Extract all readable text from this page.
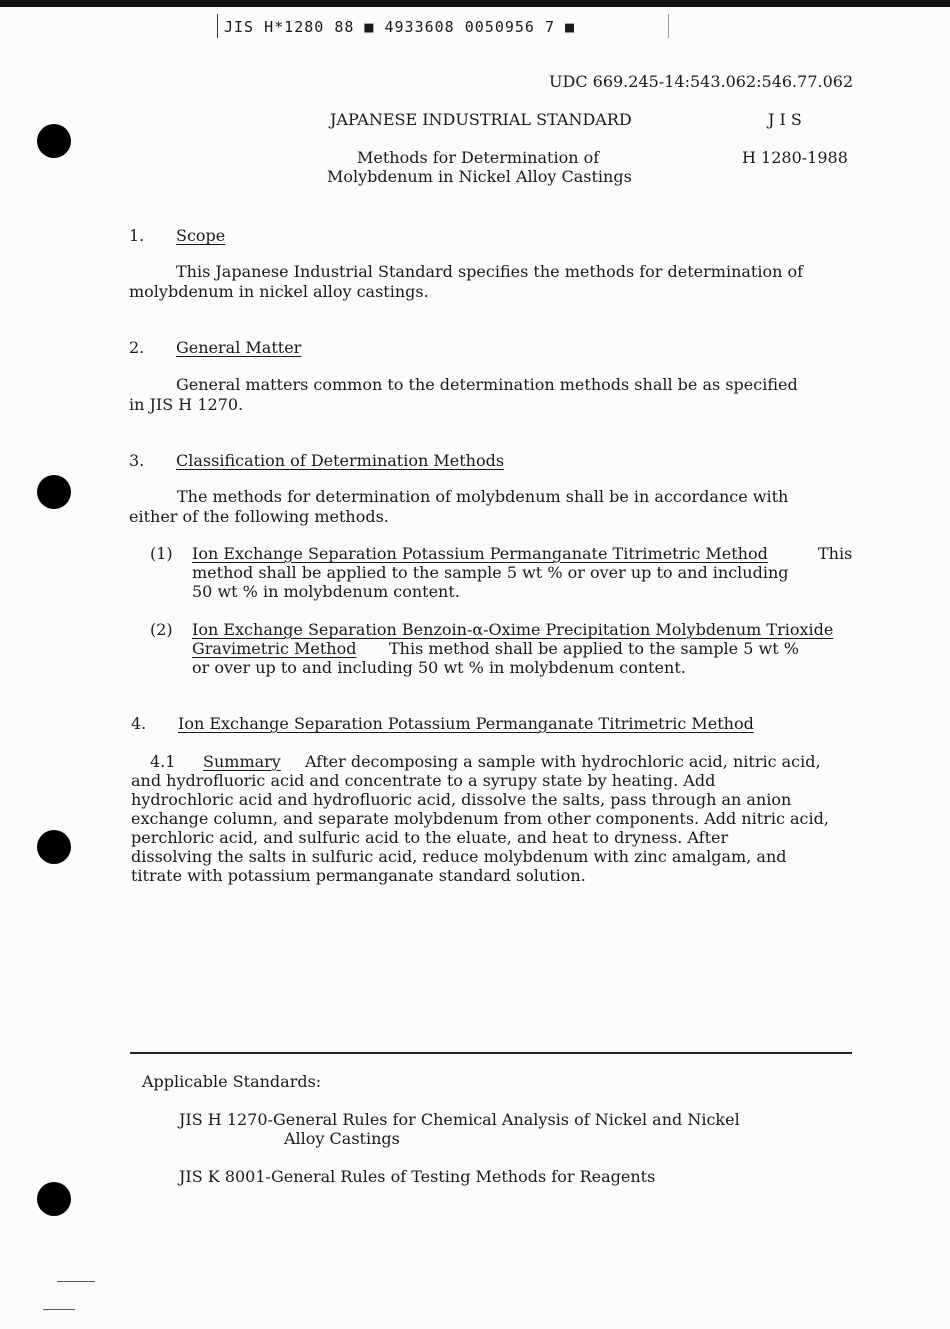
JIS H*1280 88 ■ 4933608 0050956 7 ■
UDC 669.245-14:543.062:546.77.062
JAPANESE INDUSTRIAL STANDARD	J I S
Methods for Determination of
Molybdenum in Nickel Alloy Castings
H 1280-1988
1. Scope
This Japanese Industrial Standard specifies the methods for determination of
molybdenum in nickel alloy castings.
2. General Matter
General matters common to the determination methods shall be as specified
in JIS H 1270.
3. Classification of Determination Methods
The methods for determination of molybdenum shall be in accordance with
either of the following methods.
(1) Ion Exchange Separation Potassium Permanganate Titrimetric Method	This
method shall be applied to the sample 5 wt % or over up to and including
50 wt % in molybdenum content.
(2) Ion Exchange Separation Benzoin-α-Oxime Precipitation Molybdenum Trioxide
Gravimetric Method This method shall be applied to the sample 5 wt %
or over up to and including 50 wt % in molybdenum content.
4. Ion Exchange Separation Potassium Permanganate Titrimetric Method
4.1 Summary After decomposing a sample with hydrochloric acid, nitric acid,
and hydrofluoric acid and concentrate to a syrupy state by heating. Add
hydrochloric acid and hydrofluoric acid, dissolve the salts, pass through an anion
exchange column, and separate molybdenum from other components. Add nitric acid,
perchloric acid, and sulfuric acid to the eluate, and heat to dryness. After
dissolving the salts in sulfuric acid, reduce molybdenum with zinc amalgam, and
titrate with potassium permanganate standard solution.
Applicable Standards:
JIS H 1270-General Rules for Chemical Analysis of Nickel and Nickel
Alloy Castings
JIS K 8001-General Rules of Testing Methods for Reagents
